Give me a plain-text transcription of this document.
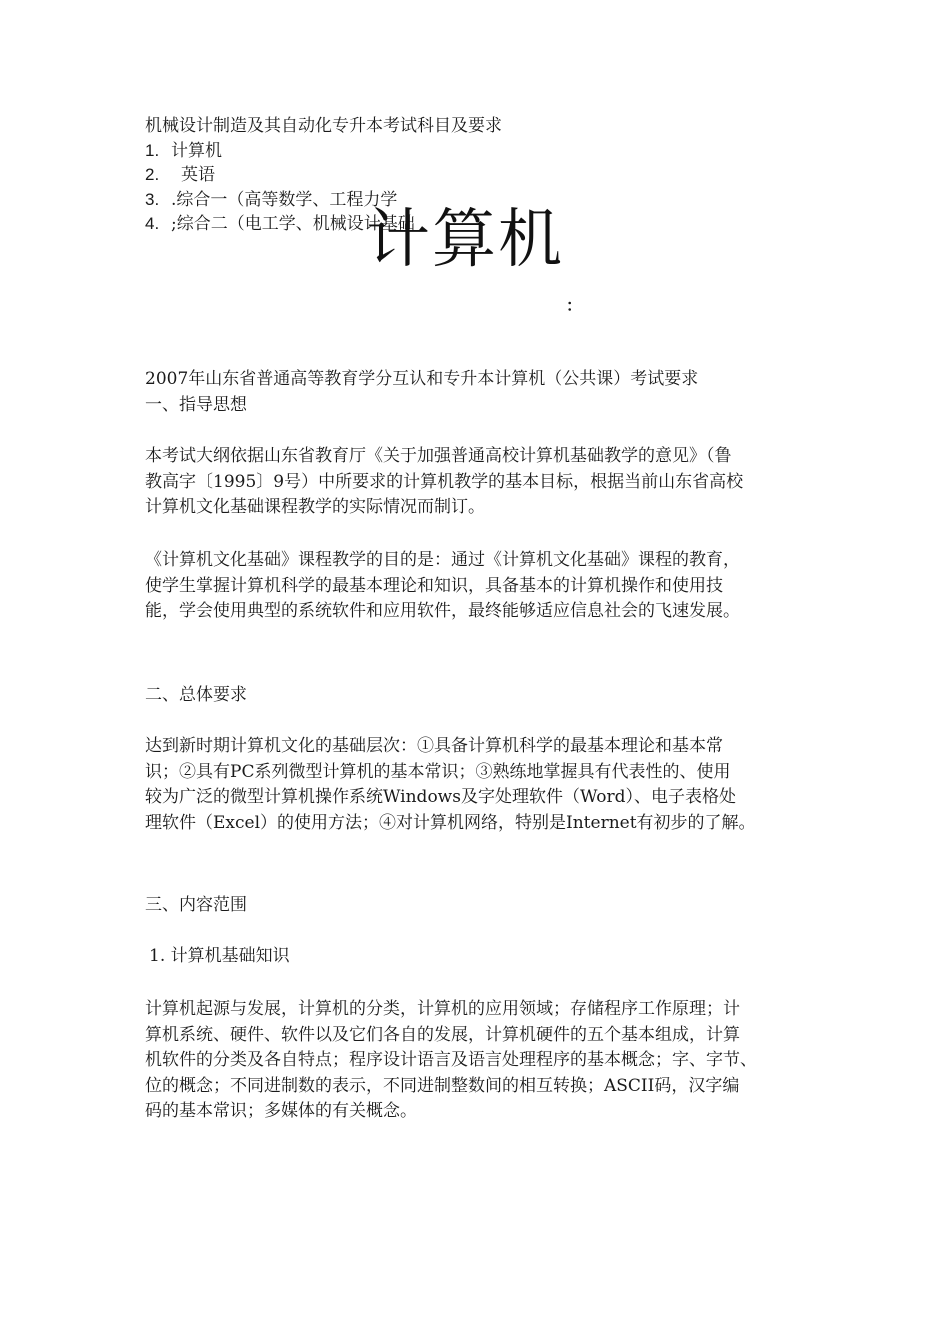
机械设计制造及其自动化专升本考试科目及要求
1. 计算机
2. 英语
3. .综合一（高等数学、工程力学
4. ;综合二（电工学、机械设计基础
计算机
：
2007年山东省普通高等教育学分互认和专升本计算机（公共课）考试要求
一、指导思想
本考试大纲依据山东省教育厅《关于加强普通高校计算机基础教学的意见》（鲁
教高字〔1995〕9号）中所要求的计算机教学的基本目标，根据当前山东省高校
计算机文化基础课程教学的实际情况而制订。
《计算机文化基础》课程教学的目的是：通过《计算机文化基础》课程的教育，
使学生掌握计算机科学的最基本理论和知识，具备基本的计算机操作和使用技
能，学会使用典型的系统软件和应用软件，最终能够适应信息社会的飞速发展。
二、总体要求
达到新时期计算机文化的基础层次：①具备计算机科学的最基本理论和基本常
识；②具有PC系列微型计算机的基本常识；③熟练地掌握具有代表性的、使用
较为广泛的微型计算机操作系统Windows及字处理软件（Word）、电子表格处
理软件（Excel）的使用方法；④对计算机网络，特别是Internet有初步的了解。
三、内容范围
1. 计算机基础知识
计算机起源与发展，计算机的分类，计算机的应用领域；存储程序工作原理；计
算机系统、硬件、软件以及它们各自的发展，计算机硬件的五个基本组成，计算
机软件的分类及各自特点；程序设计语言及语言处理程序的基本概念；字、字节、
位的概念；不同进制数的表示，不同进制整数间的相互转换；ASCII码，汉字编
码的基本常识；多媒体的有关概念。
